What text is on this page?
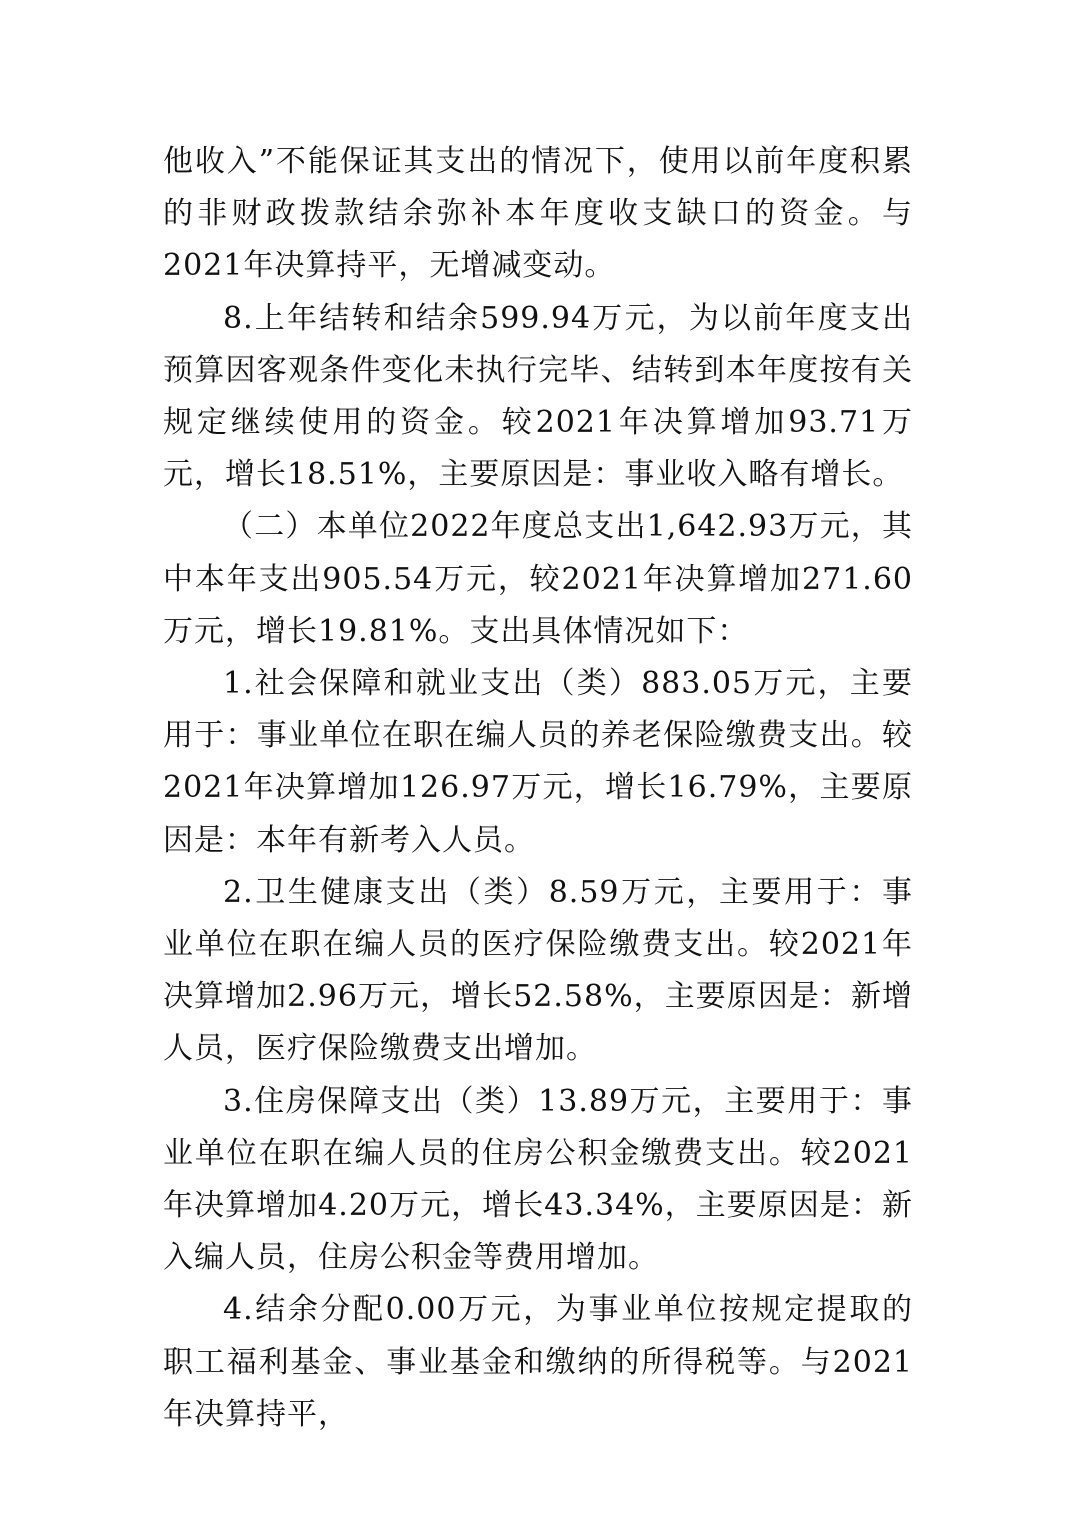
他收入”不能保证其支出的情况下，使用以前年度积累的非财政拨款结余弥补本年度收支缺口的资金。与2021年决算持平，无增减变动。

8.上年结转和结余599.94万元，为以前年度支出预算因客观条件变化未执行完毕、结转到本年度按有关规定继续使用的资金。较2021年决算增加93.71万元，增长18.51%，主要原因是：事业收入略有增长。

（二）本单位2022年度总支出1,642.93万元，其中本年支出905.54万元，较2021年决算增加271.60万元，增长19.81%。支出具体情况如下：

1.社会保障和就业支出（类）883.05万元，主要用于：事业单位在职在编人员的养老保险缴费支出。较2021年决算增加126.97万元，增长16.79%，主要原因是：本年有新考入人员。

2.卫生健康支出（类）8.59万元，主要用于：事业单位在职在编人员的医疗保险缴费支出。较2021年决算增加2.96万元，增长52.58%，主要原因是：新增人员，医疗保险缴费支出增加。

3.住房保障支出（类）13.89万元，主要用于：事业单位在职在编人员的住房公积金缴费支出。较2021年决算增加4.20万元，增长43.34%，主要原因是：新入编人员，住房公积金等费用增加。

4.结余分配0.00万元，为事业单位按规定提取的职工福利基金、事业基金和缴纳的所得税等。与2021年决算持平，
